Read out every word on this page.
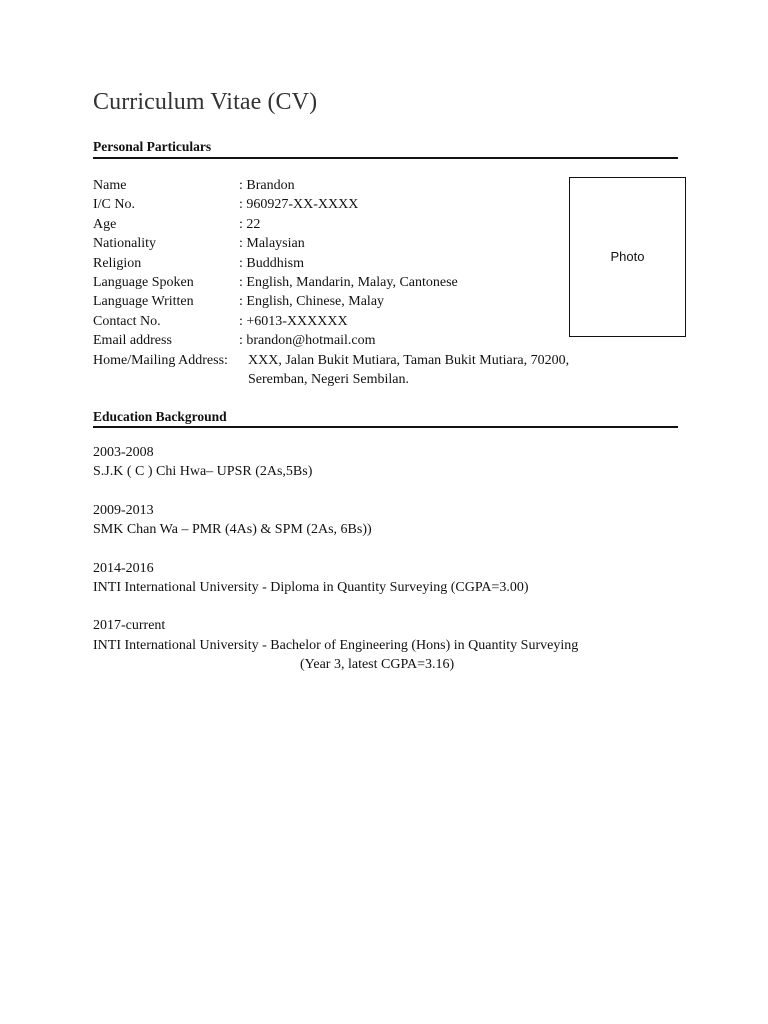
Curriculum Vitae (CV)
Personal Particulars
Name	: Brandon
I/C No.	: 960927-XX-XXXX
Age	: 22
Nationality	: Malaysian
Religion	: Buddhism
Language Spoken	: English, Mandarin, Malay, Cantonese
Language Written	: English, Chinese, Malay
Contact No.	: +6013-XXXXXX
Email address	: brandon@hotmail.com
Home/Mailing Address:	XXX, Jalan Bukit Mutiara, Taman Bukit Mutiara, 70200, Seremban, Negeri Sembilan.
Photo
Education Background
2003-2008
S.J.K ( C ) Chi Hwa– UPSR (2As,5Bs)
2009-2013
SMK Chan Wa – PMR (4As) & SPM (2As, 6Bs))
2014-2016
INTI International University - Diploma in Quantity Surveying (CGPA=3.00)
2017-current
INTI International University - Bachelor of Engineering (Hons) in Quantity Surveying
(Year 3, latest CGPA=3.16)
